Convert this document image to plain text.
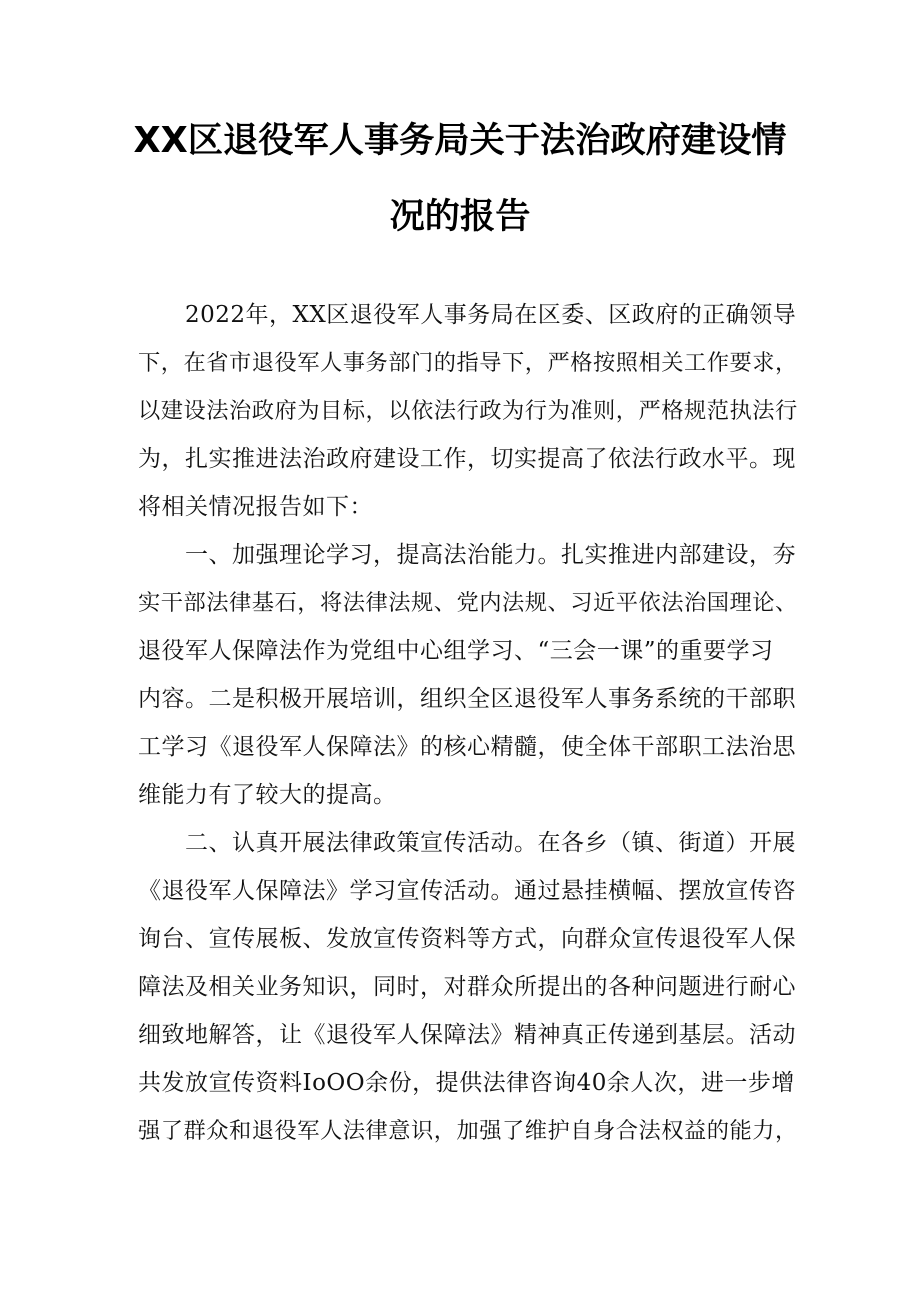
XX区退役军人事务局关于法治政府建设情
况的报告
　　2022年，XX区退役军人事务局在区委、区政府的正确领导
下，在省市退役军人事务部门的指导下，严格按照相关工作要求，
以建设法治政府为目标，以依法行政为行为准则，严格规范执法行
为，扎实推进法治政府建设工作，切实提高了依法行政水平。现
将相关情况报告如下：
　　一、加强理论学习，提高法治能力。扎实推进内部建设，夯
实干部法律基石，将法律法规、党内法规、习近平依法治国理论、
退役军人保障法作为党组中心组学习、“三会一课”的重要学习
内容。二是积极开展培训，组织全区退役军人事务系统的干部职
工学习《退役军人保障法》的核心精髓，使全体干部职工法治思
维能力有了较大的提高。
　　二、认真开展法律政策宣传活动。在各乡（镇、街道）开展
《退役军人保障法》学习宣传活动。通过悬挂横幅、摆放宣传咨
询台、宣传展板、发放宣传资料等方式，向群众宣传退役军人保
障法及相关业务知识，同时，对群众所提出的各种问题进行耐心
细致地解答，让《退役军人保障法》精神真正传递到基层。活动
共发放宣传资料IoOO余份，提供法律咨询40余人次，进一步增
强了群众和退役军人法律意识，加强了维护自身合法权益的能力，
